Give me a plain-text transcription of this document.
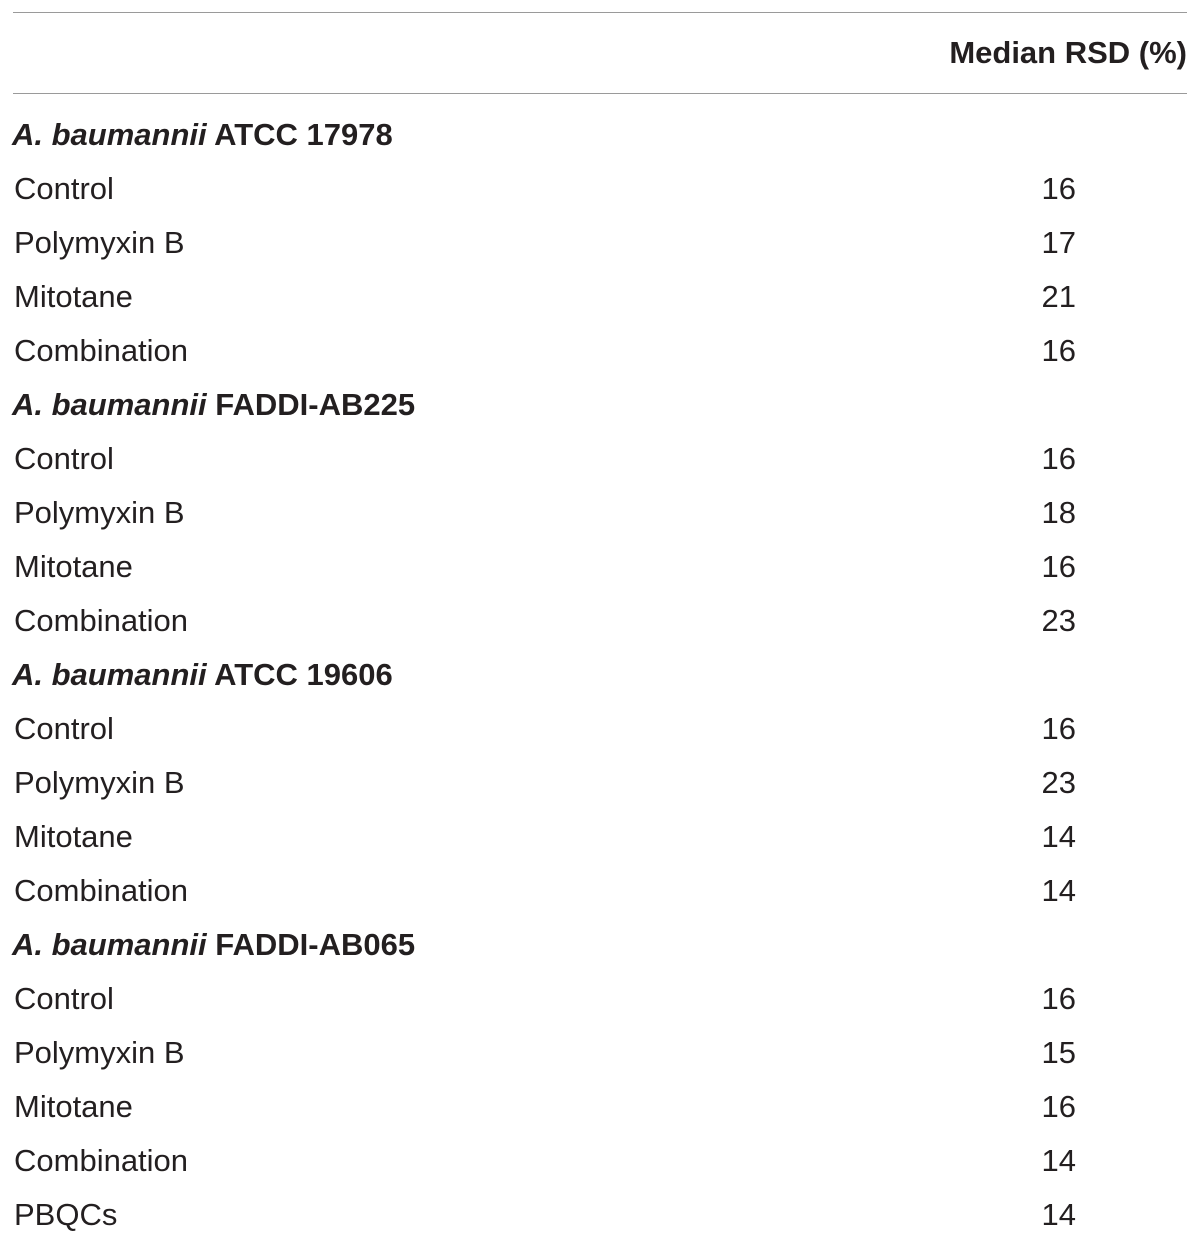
Median RSD (%)
A. baumannii ATCC 17978
Control	16
Polymyxin B	17
Mitotane	21
Combination	16
A. baumannii FADDI-AB225
Control	16
Polymyxin B	18
Mitotane	16
Combination	23
A. baumannii ATCC 19606
Control	16
Polymyxin B	23
Mitotane	14
Combination	14
A. baumannii FADDI-AB065
Control	16
Polymyxin B	15
Mitotane	16
Combination	14
PBQCs	14
